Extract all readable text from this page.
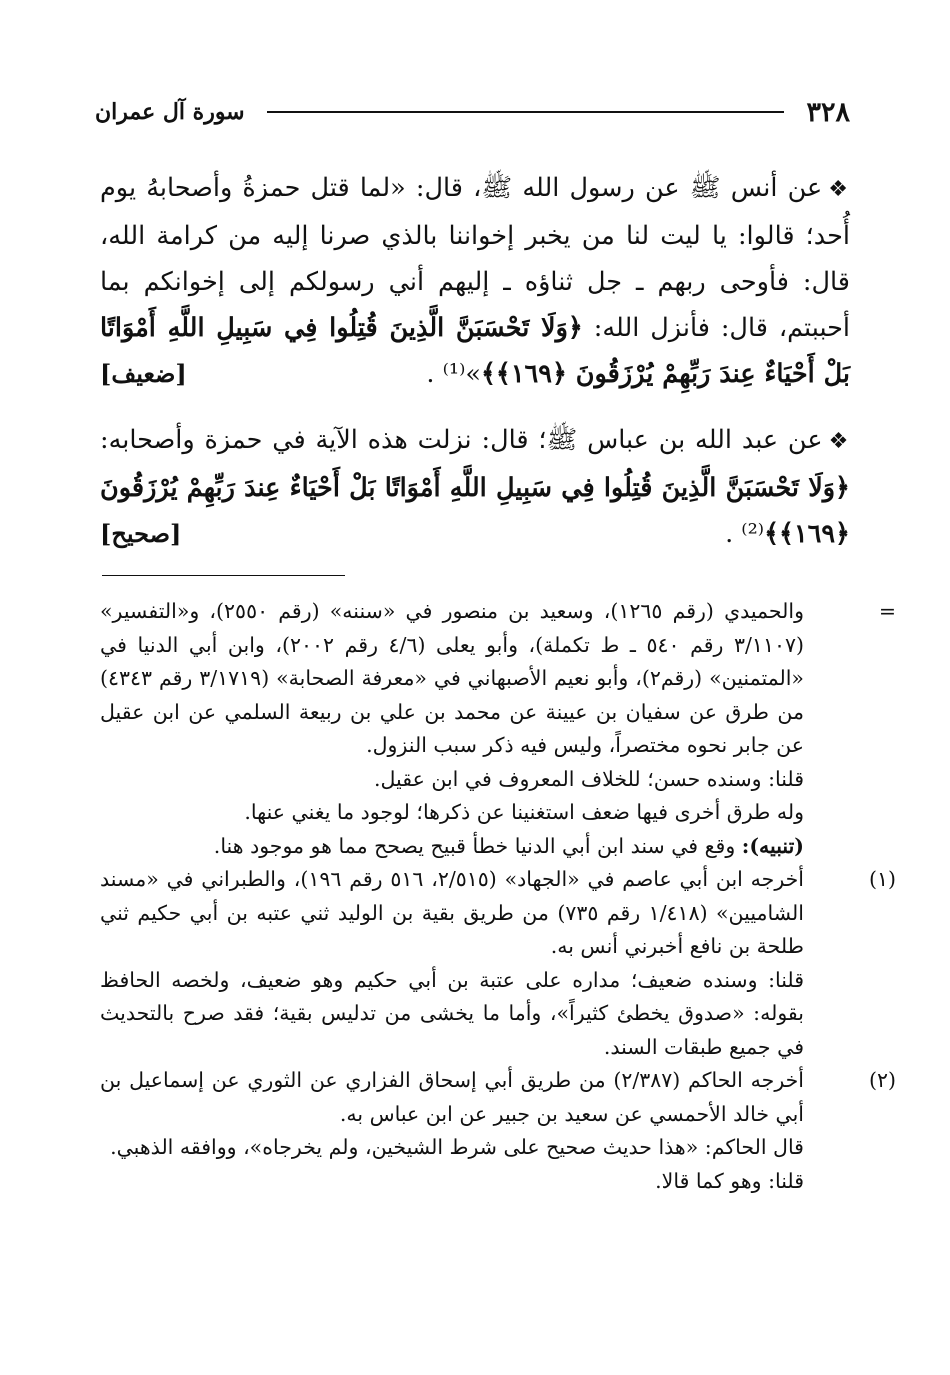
٣٢٨
سورة آل عمران

❖عن أنس ﷺ عن رسول الله ﷺ، قال: «لما قتل حمزةُ وأصحابهُ يوم أُحد؛ قالوا: يا ليت لنا من يخبر إخواننا بالذي صرنا إليه من كرامة الله، قال: فأوحى ربهم ـ جل ثناؤه ـ إليهم أني رسولكم إلى إخوانكم بما أحببتم، قال: فأنزل الله: ﴿وَلَا تَحْسَبَنَّ الَّذِينَ قُتِلُوا فِي سَبِيلِ اللَّهِ أَمْوَاتًا بَلْ أَحْيَاءٌ عِندَ رَبِّهِمْ يُرْزَقُونَ ﴿١٦٩﴾﴾»⁽¹⁾ .
[ضعيف]

❖عن عبد الله بن عباس ﷺ؛ قال: نزلت هذه الآية في حمزة وأصحابه: ﴿وَلَا تَحْسَبَنَّ الَّذِينَ قُتِلُوا فِي سَبِيلِ اللَّهِ أَمْوَاتًا بَلْ أَحْيَاءٌ عِندَ رَبِّهِمْ يُرْزَقُونَ ﴿١٦٩﴾﴾⁽²⁾ .
[صحيح]

=

والحميدي (رقم ١٢٦٥)، وسعيد بن منصور في «سننه» (رقم ٢٥٥٠)، و«التفسير» (٣/١١٠٧ رقم ٥٤٠ ـ ط تكملة)، وأبو يعلى (٤/٦ رقم ٢٠٠٢)، وابن أبي الدنيا في «المتمنين» (رقم٢)، وأبو نعيم الأصبهاني في «معرفة الصحابة» (٣/١٧١٩ رقم ٤٣٤٣) من طرق عن سفيان بن عيينة عن محمد بن علي بن ربيعة السلمي عن ابن عقيل عن جابر نحوه مختصراً، وليس فيه ذكر سبب النزول.

قلنا: وسنده حسن؛ للخلاف المعروف في ابن عقيل.

وله طرق أخرى فيها ضعف استغنينا عن ذكرها؛ لوجود ما يغني عنها.

(تنبيه): وقع في سند ابن أبي الدنيا خطأ قبيح يصحح مما هو موجود هنا.

(١)

أخرجه ابن أبي عاصم في «الجهاد» (٢/٥١٥، ٥١٦ رقم ١٩٦)، والطبراني في «مسند الشاميين» (١/٤١٨ رقم ٧٣٥) من طريق بقية بن الوليد ثني عتبه بن أبي حكيم ثني طلحة بن نافع أخبرني أنس به.

قلنا: وسنده ضعيف؛ مداره على عتبة بن أبي حكيم وهو ضعيف، ولخصه الحافظ بقوله: «صدوق يخطئ كثيراً»، وأما ما يخشى من تدليس بقية؛ فقد صرح بالتحديث في جميع طبقات السند.

(٢)

أخرجه الحاكم (٢/٣٨٧) من طريق أبي إسحاق الفزاري عن الثوري عن إسماعيل بن أبي خالد الأحمسي عن سعيد بن جبير عن ابن عباس به.

قال الحاكم: «هذا حديث صحيح على شرط الشيخين، ولم يخرجاه»، ووافقه الذهبي.

قلنا: وهو كما قالا.
